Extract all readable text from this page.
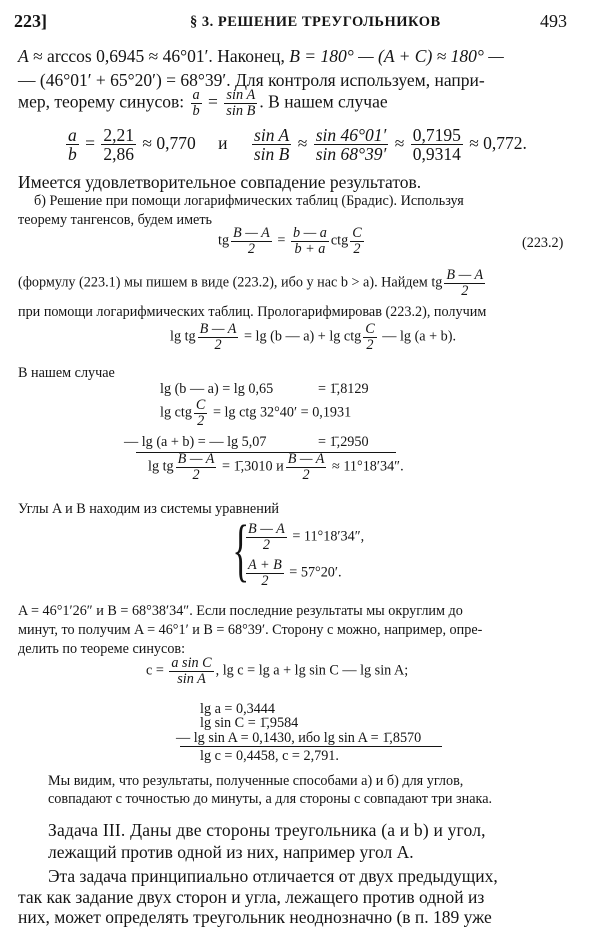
223]	§ 3. РЕШЕНИЕ ТРЕУГОЛЬНИКОВ	493
A ≈ arccos 0,6945 ≈ 46°01′. Наконец, B = 180° — (A + C) ≈ 180° —
— (46°01′ + 65°20′) = 68°39′. Для контроля используем, напри-
мер, теорему синусов: $\frac{a}{b} = \frac{\text{sin A}}{\text{sin B}}$ . В нашем случае
$\frac{a}{b} = \frac{2,21}{2,86} \approx 0,770$ и $\frac{\text{sin A}}{\text{sin B}} \approx \frac{\sin 46^\circ 01'}{\sin 68^\circ 39'} \approx \frac{0,7195}{0,9314} \approx 0,772$.
Имеется удовлетворительное совпадение результатов.
б) Решение при помощи логарифмических таблиц (Брадис). Используя
теорему тангенсов, будем иметь
tg $\frac{B — A}{2} = \frac{b — a}{b + a}$ ctg $\frac{C}{2}$	(223.2)
(формулу (223.1) мы пишем в виде (223.2), ибо у нас b > a). Найдем tg $\frac{B — A}{2}$
при помощи логарифмических таблиц. Прологарифмировав (223.2), получим
lg tg $\frac{B — A}{2} = \lg (b$ — a) + lg ctg $\frac{C}{2}$ — lg (a + b).
В нашем случае
lg (b — a) = lg 0,65	= 1̄,8129
lg ctg $\frac{C}{2} = \lg$ ctg 32°40′ = 0,1931
— lg (a + b) = — lg 5,07	= 1̄,2950
lg tg $\frac{B — A}{2}$ = 1̄,3010 и $\frac{B — A}{2} \approx 11^\circ 18'34''$.
Углы A и B находим из системы уравнений
{
$\frac{B — A}{2} = 11^\circ 18'34''$,
$\frac{A + B}{2} = 57^\circ 20'$.
A = 46°1′26″ и B = 68°38′34″. Если последние результаты мы округлим до
минут, то получим A = 46°1′ и B = 68°39′. Сторону c можно, например, опре-
делить по теореме синусов:
$c = \frac{\text{a sin C}}{\text{sin A}}$ , lg c = lg a + lg sin C — lg sin A;
lg a = 0,3444
lg sin C = 1̄,9584
— lg sin A = 0,1430, ибо lg sin A = 1̄,8570
lg c = 0,4458, c = 2,791.
Мы видим, что результаты, полученные способами а) и б) для углов,
совпадают с точностью до минуты, а для стороны c совпадают три знака.
Задача III. Даны две стороны треугольника (a и b) и угол,
лежащий против одной из них, например угол A.
Эта задача принципиально отличается от двух предыдущих,
так как задание двух сторон и угла, лежащего против одной из
них, может определять треугольник неоднозначно (в п. 189 уже
